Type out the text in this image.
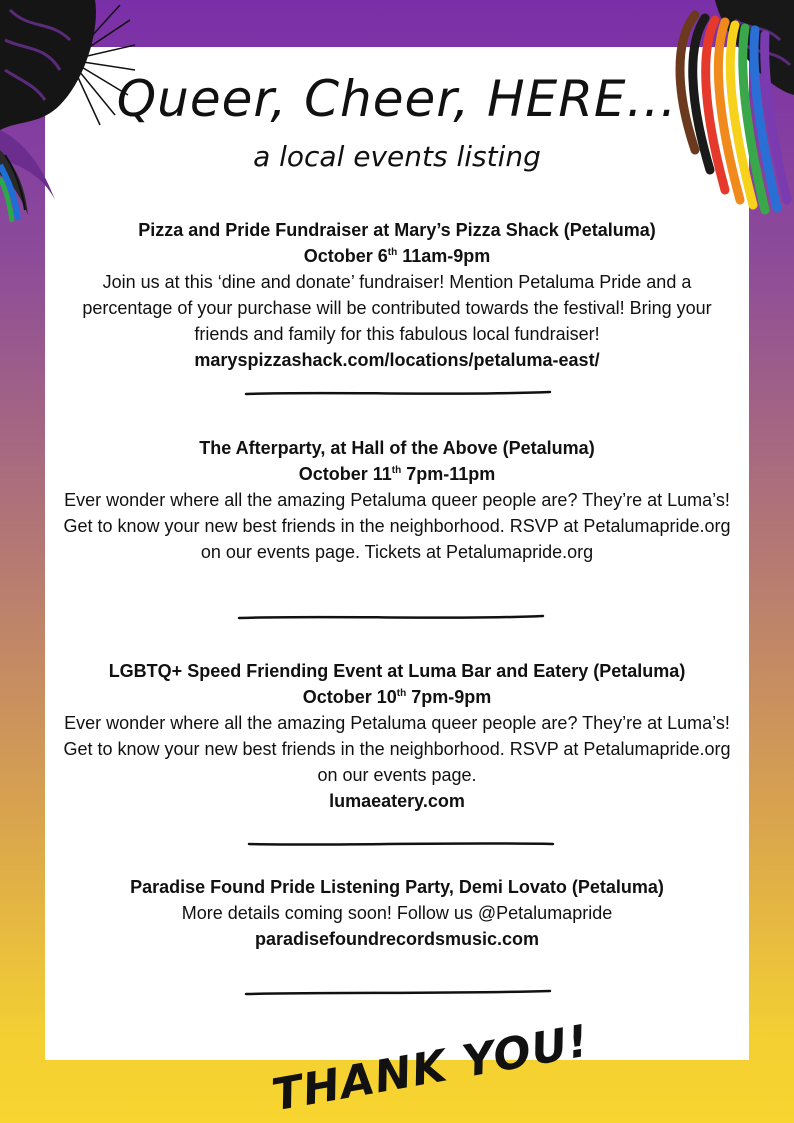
Queer, Cheer, HERE...
a local events listing
Pizza and Pride Fundraiser at Mary’s Pizza Shack (Petaluma)
October 6th 11am-9pm
Join us at this ‘dine and donate’ fundraiser! Mention Petaluma Pride and a percentage of your purchase will be contributed towards the festival! Bring your friends and family for this fabulous local fundraiser!
maryspizzashack.com/locations/petaluma-east/
The Afterparty, at Hall of the Above (Petaluma)
October 11th 7pm-11pm
Ever wonder where all the amazing Petaluma queer people are? They’re at Luma’s! Get to know your new best friends in the neighborhood. RSVP at Petalumapride.org on our events page. Tickets at Petalumapride.org
LGBTQ+ Speed Friending Event at Luma Bar and Eatery (Petaluma)
October 10th 7pm-9pm
Ever wonder where all the amazing Petaluma queer people are? They’re at Luma’s! Get to know your new best friends in the neighborhood. RSVP at Petalumapride.org on our events page.
lumaeatery.com
Paradise Found Pride Listening Party, Demi Lovato (Petaluma)
More details coming soon! Follow us @Petalumapride
paradisefoundrecordsmusic.com
THANK YOU!
